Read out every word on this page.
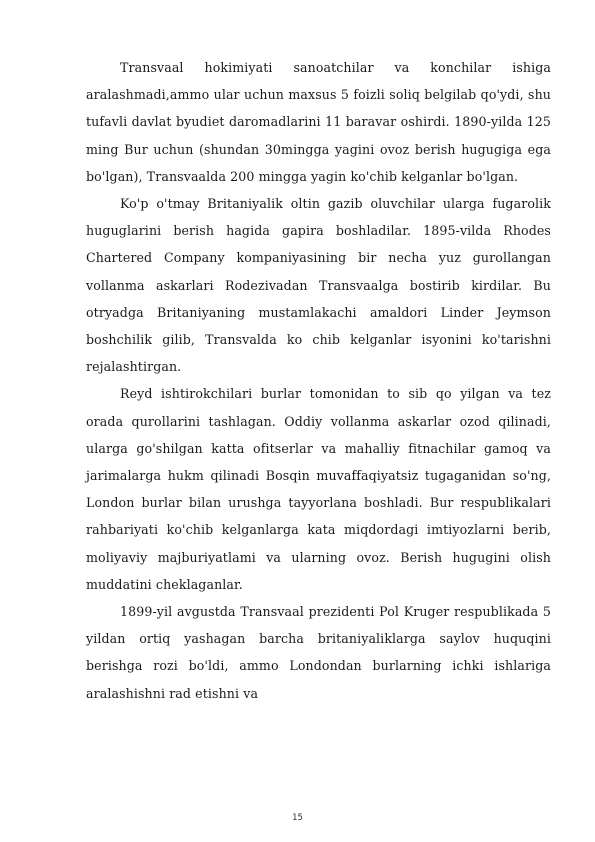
Transvaal hokimiyati sanoatchilar va konchilar ishiga aralashmadi,ammo ular uchun maxsus 5 foizli soliq belgilab qo'ydi, shu tufavli davlat byudiet daromadlarini 11 baravar oshirdi. 1890-yilda 125 ming Bur uchun (shundan 30mingga yagini ovoz berish hugugiga ega bo'lgan), Transvaalda 200 mingga yagin ko'chib kelganlar bo'lgan.

Ko'p o'tmay Britaniyalik oltin gazib oluvchilar ularga fugarolik huguglarini berish hagida gapira boshladilar. 1895-vilda Rhodes Chartered Company kompaniyasining bir necha yuz gurollangan vollanma askarlari Rodezivadan Transvaalga bostirib kirdilar. Bu otryadga Britaniyaning mustamlakachi amaldori Linder Jeymson boshchilik gilib, Transvalda ko chib kelganlar isyonini ko'tarishni rejalashtirgan.

Reyd ishtirokchilari burlar tomonidan to sib qo yilgan va tez orada qurollarini tashlagan. Oddiy vollanma askarlar ozod qilinadi, ularga go'shilgan katta ofitserlar va mahalliy fitnachilar gamoq va jarimalarga hukm qilinadi Bosqin muvaffaqiyatsiz tugaganidan so'ng, London burlar bilan urushga tayyorlana boshladi. Bur respublikalari rahbariyati ko'chib kelganlarga kata miqdordagi imtiyozlarni berib, moliyaviy majburiyatlami va ularning ovoz. Berish hugugini olish muddatini cheklaganlar.

1899-yil avgustda Transvaal prezidenti Pol Kruger respublikada 5 yildan ortiq yashagan barcha britaniyaliklarga saylov huquqini berishga rozi bo'ldi, ammo Londondan burlarning ichki ishlariga aralashishni rad etishni va

15
